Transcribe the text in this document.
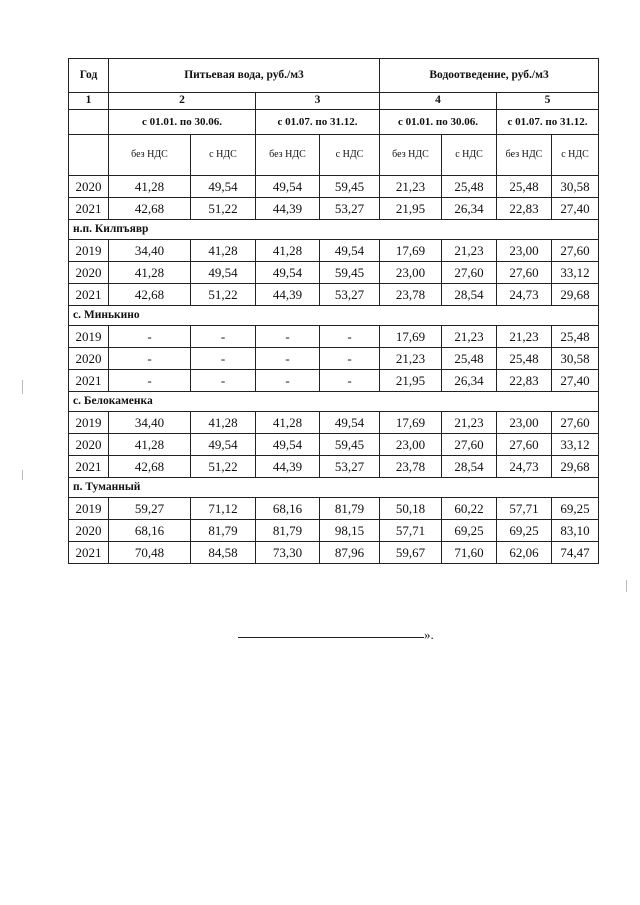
Год	Питьевая вода, руб./м3				Водоотведение, руб./м3			
1	2		3		4		5	
	с 01.01. по 30.06.		с 01.07. по 31.12.		с 01.01. по 30.06.		с 01.07. по 31.12.	
	без НДС	с НДС	без НДС	с НДС	без НДС	с НДС	без НДС	с НДС
2020	41,28	49,54	49,54	59,45	21,23	25,48	25,48	30,58
2021	42,68	51,22	44,39	53,27	21,95	26,34	22,83	27,40
н.п. Килпъявр								
2019	34,40	41,28	41,28	49,54	17,69	21,23	23,00	27,60
2020	41,28	49,54	49,54	59,45	23,00	27,60	27,60	33,12
2021	42,68	51,22	44,39	53,27	23,78	28,54	24,73	29,68
с. Минькино								
2019	-	-	-	-	17,69	21,23	21,23	25,48
2020	-	-	-	-	21,23	25,48	25,48	30,58
2021	-	-	-	-	21,95	26,34	22,83	27,40
с. Белокаменка								
2019	34,40	41,28	41,28	49,54	17,69	21,23	23,00	27,60
2020	41,28	49,54	49,54	59,45	23,00	27,60	27,60	33,12
2021	42,68	51,22	44,39	53,27	23,78	28,54	24,73	29,68
п. Туманный								
2019	59,27	71,12	68,16	81,79	50,18	60,22	57,71	69,25
2020	68,16	81,79	81,79	98,15	57,71	69,25	69,25	83,10
2021	70,48	84,58	73,30	87,96	59,67	71,60	62,06	74,47
».
